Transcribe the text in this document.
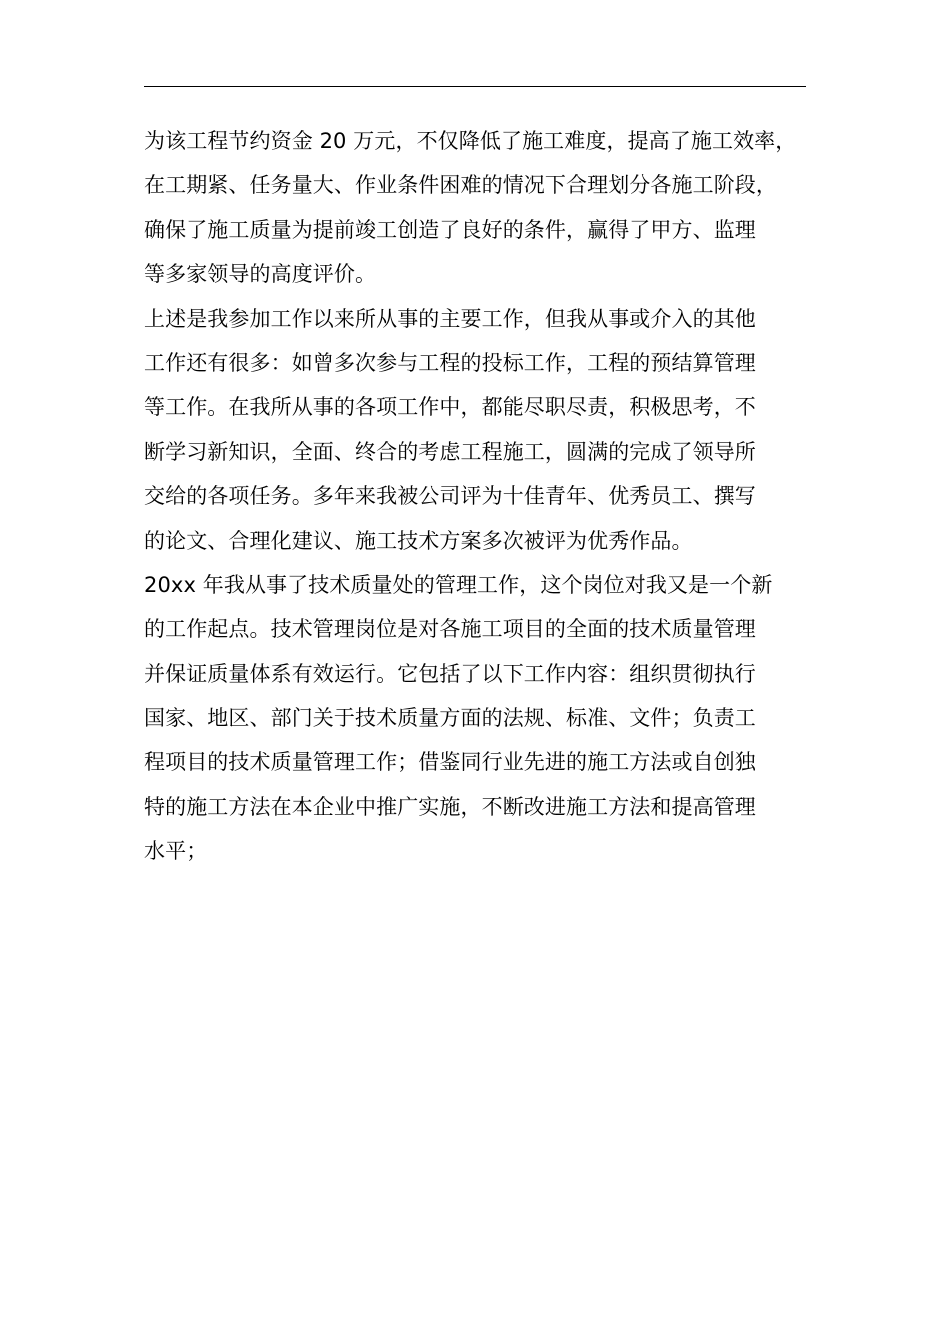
为该工程节约资金 20 万元，不仅降低了施工难度，提高了施工效率，
在工期紧、任务量大、作业条件困难的情况下合理划分各施工阶段，
确保了施工质量为提前竣工创造了良好的条件，赢得了甲方、监理
等多家领导的高度评价。
上述是我参加工作以来所从事的主要工作，但我从事或介入的其他
工作还有很多：如曾多次参与工程的投标工作，工程的预结算管理
等工作。在我所从事的各项工作中，都能尽职尽责，积极思考，不
断学习新知识，全面、终合的考虑工程施工，圆满的完成了领导所
交给的各项任务。多年来我被公司评为十佳青年、优秀员工、撰写
的论文、合理化建议、施工技术方案多次被评为优秀作品。
20xx 年我从事了技术质量处的管理工作，这个岗位对我又是一个新
的工作起点。技术管理岗位是对各施工项目的全面的技术质量管理
并保证质量体系有效运行。它包括了以下工作内容：组织贯彻执行
国家、地区、部门关于技术质量方面的法规、标准、文件；负责工
程项目的技术质量管理工作；借鉴同行业先进的施工方法或自创独
特的施工方法在本企业中推广实施，不断改进施工方法和提高管理
水平；
